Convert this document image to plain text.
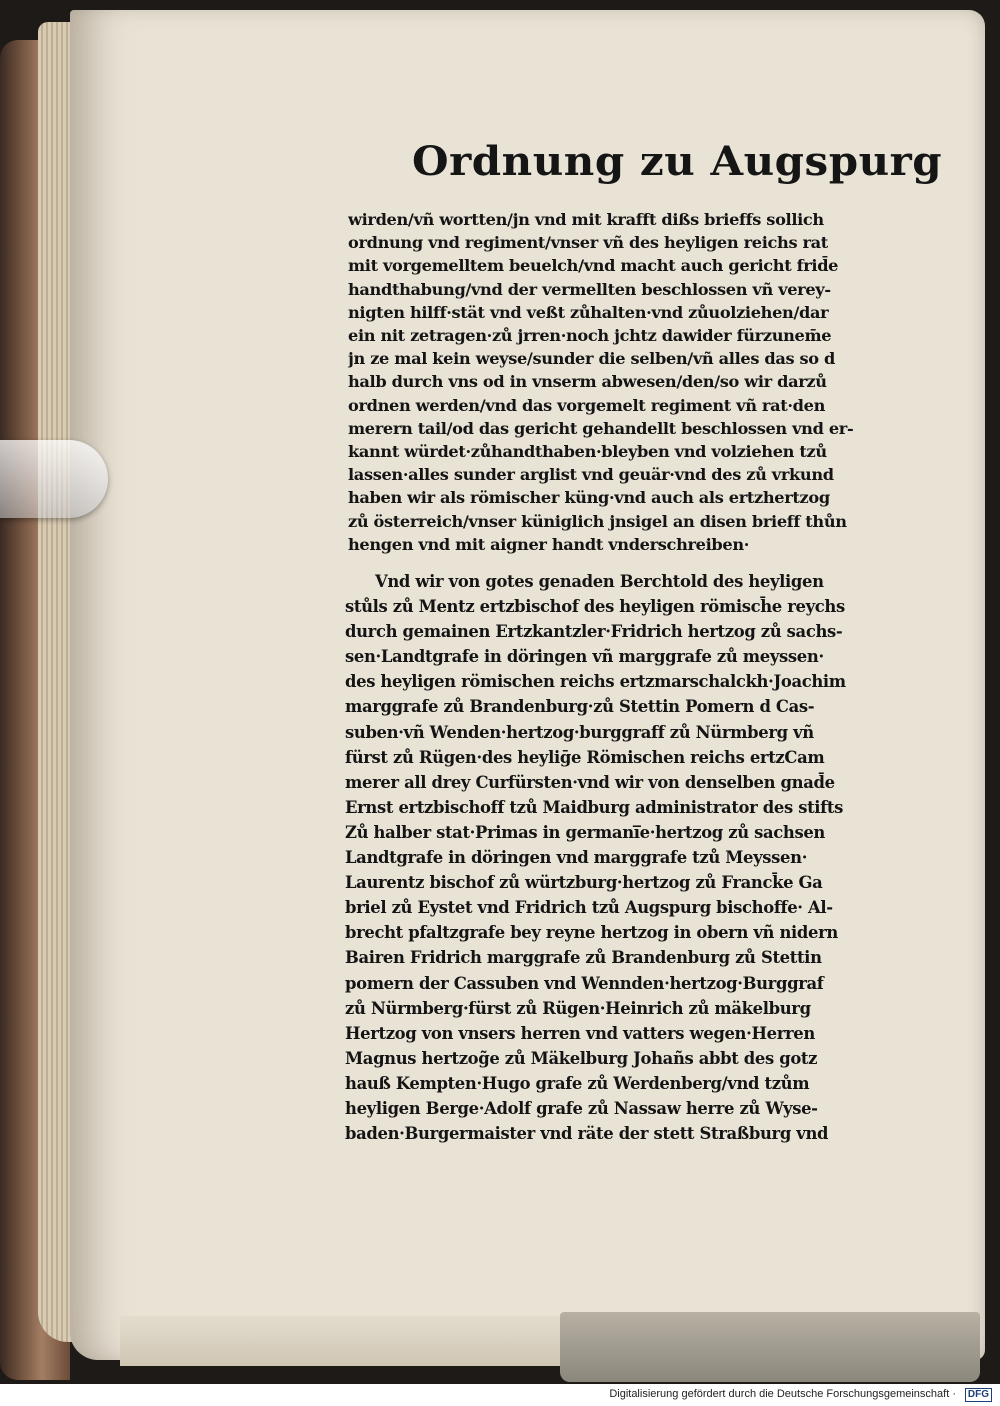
Ordnung zu Augspurg
wirden/vñ wortten/jn vnd mit krafft dißs brieffs sollich
ordnung vnd regiment/vnser vñ des heyligen reichs rat
mit vorgemelltem beuelch/vnd macht auch gericht frid̄e
handthabung/vnd der vermellten beschlossen vñ verey-
nigten hilff·stät vnd veßt zůhalten·vnd zůuolziehen/dar
ein nit zetragen·zů jrren·noch jchtz dawider fürzunem̄e
jn ze mal kein weyse/sunder die selben/vñ alles das so d
halb durch vns od in vnserm abwesen/den/so wir darzů
ordnen werden/vnd das vorgemelt regiment vñ rat·den
merern tail/od das gericht gehandellt beschlossen vnd er-
kannt würdet·zůhandthaben·bleyben vnd volziehen tzů
lassen·alles sunder arglist vnd geuär·vnd des zů vrkund
haben wir als römischer küng·vnd auch als ertzhertzog
zů österreich/vnser küniglich jnsigel an disen brieff thůn
hengen vnd mit aigner handt vnderschreiben·
Vnd wir von gotes genaden Berchtold des heyligen
stůls zů Mentz ertzbischof des heyligen römisch̄e reychs
durch gemainen Ertzkantzler·Fridrich hertzog zů sachs-
sen·Landtgrafe in döringen vñ marggrafe zů meyssen·
des heyligen römischen reichs ertzmarschalckh·Joachim
marggrafe zů Brandenburg·zů Stettin Pomern d Cas-
suben·vñ Wenden·hertzog·burggraff zů Nürmberg vñ
fürst zů Rügen·des heyliḡe Römischen reichs ertzCam
merer all drey Curfürsten·vnd wir von denselben gnad̄e
Ernst ertzbischoff tzů Maidburg administrator des stifts
Zů halber stat·Primas in germani̅e·hertzog zů sachsen
Landtgrafe in döringen vnd marggrafe tzů Meyssen·
Laurentz bischof zů würtzburg·hertzog zů Franck̄e Ga
briel zů Eystet vnd Fridrich tzů Augspurg bischoffe· Al-
brecht pfaltzgrafe bey reyne hertzog in obern vñ nidern
Bairen Fridrich marggrafe zů Brandenburg zů Stettin
pomern der Cassuben vnd Wennden·hertzog·Burggraf
zů Nürmberg·fürst zů Rügen·Heinrich zů mäkelburg
Hertzog von vnsers herren vnd vatters wegen·Herren
Magnus hertzog̃e zů Mäkelburg Johañs abbt des gotz
hauß Kempten·Hugo grafe zů Werdenberg/vnd tzům
heyligen Berge·Adolf grafe zů Nassaw herre zů Wyse-
baden·Burgermaister vnd räte der stett Straßburg vnd
Digitalisierung gefördert durch die Deutsche Forschungsgemeinschaft ·	DFG
